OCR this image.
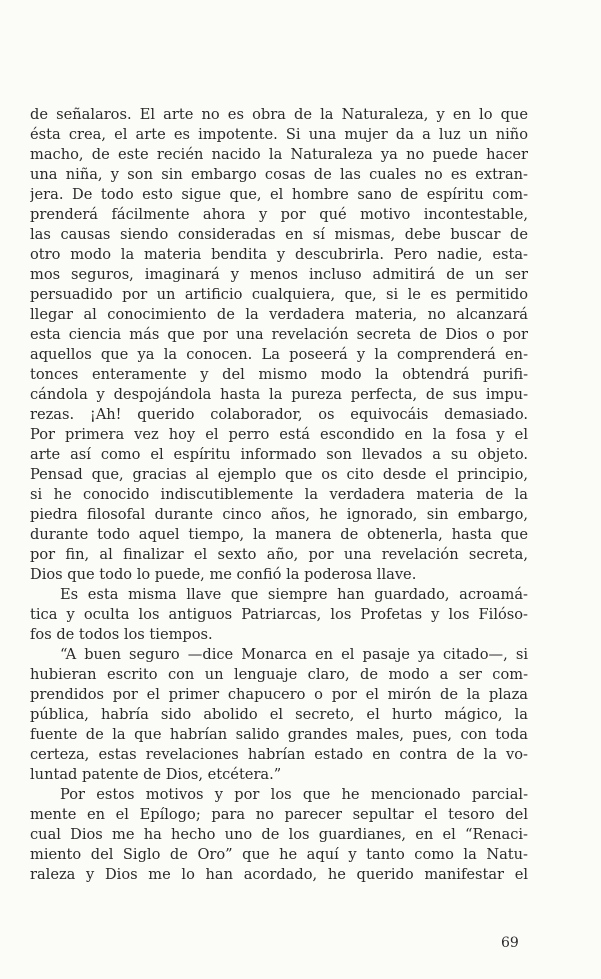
de señalaros. El arte no es obra de la Naturaleza, y en lo que
ésta crea, el arte es impotente. Si una mujer da a luz un niño
macho, de este recién nacido la Naturaleza ya no puede hacer
una niña, y son sin embargo cosas de las cuales no es extran-
jera. De todo esto sigue que, el hombre sano de espíritu com-
prenderá fácilmente ahora y por qué motivo incontestable,
las causas siendo consideradas en sí mismas, debe buscar de
otro modo la materia bendita y descubrirla. Pero nadie, esta-
mos seguros, imaginará y menos incluso admitirá de un ser
persuadido por un artificio cualquiera, que, si le es permitido
llegar al conocimiento de la verdadera materia, no alcanzará
esta ciencia más que por una revelación secreta de Dios o por
aquellos que ya la conocen. La poseerá y la comprenderá en-
tonces enteramente y del mismo modo la obtendrá purifi-
cándola y despojándola hasta la pureza perfecta, de sus impu-
rezas. ¡Ah! querido colaborador, os equivocáis demasiado.
Por primera vez hoy el perro está escondido en la fosa y el
arte así como el espíritu informado son llevados a su objeto.
Pensad que, gracias al ejemplo que os cito desde el principio,
si he conocido indiscutiblemente la verdadera materia de la
piedra filosofal durante cinco años, he ignorado, sin embargo,
durante todo aquel tiempo, la manera de obtenerla, hasta que
por fin, al finalizar el sexto año, por una revelación secreta,
Dios que todo lo puede, me confió la poderosa llave.
Es esta misma llave que siempre han guardado, acroamá-
tica y oculta los antiguos Patriarcas, los Profetas y los Filóso-
fos de todos los tiempos.
“A buen seguro —dice Monarca en el pasaje ya citado—, si
hubieran escrito con un lenguaje claro, de modo a ser com-
prendidos por el primer chapucero o por el mirón de la plaza
pública, habría sido abolido el secreto, el hurto mágico, la
fuente de la que habrían salido grandes males, pues, con toda
certeza, estas revelaciones habrían estado en contra de la vo-
luntad patente de Dios, etcétera.”
Por estos motivos y por los que he mencionado parcial-
mente en el Epílogo; para no parecer sepultar el tesoro del
cual Dios me ha hecho uno de los guardianes, en el “Renaci-
miento del Siglo de Oro” que he aquí y tanto como la Natu-
raleza y Dios me lo han acordado, he querido manifestar el
69
